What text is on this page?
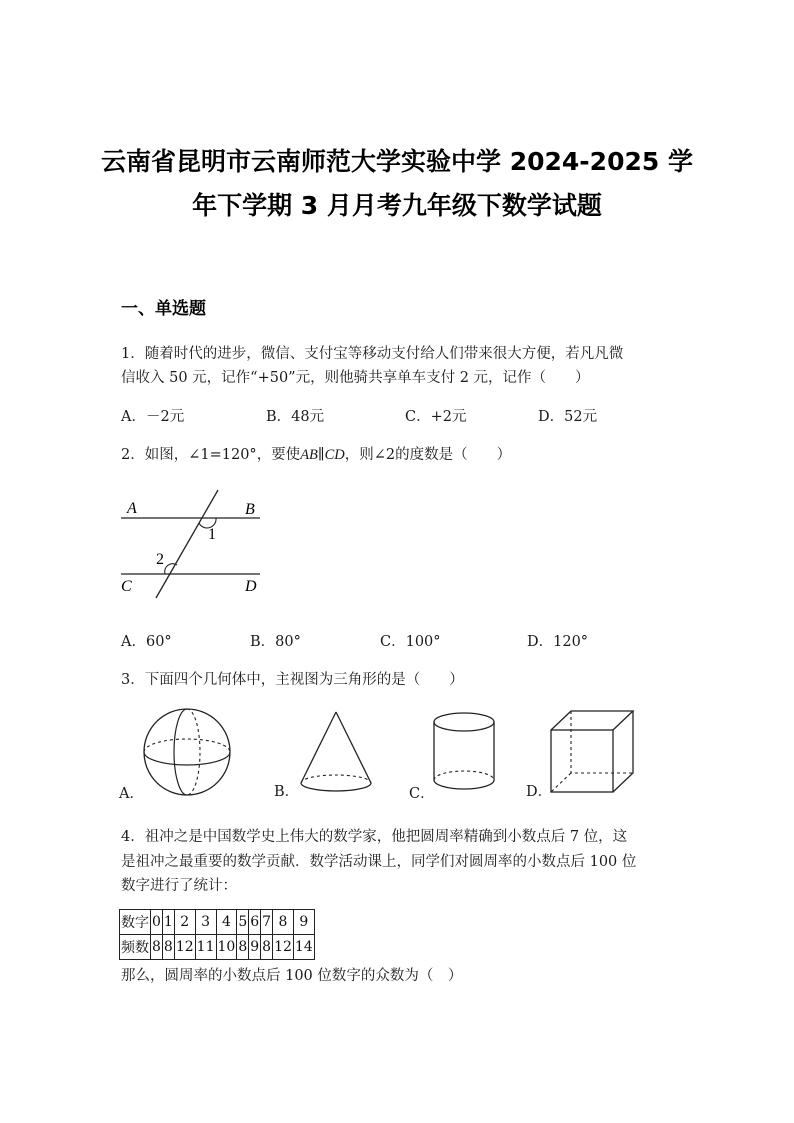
云南省昆明市云南师范大学实验中学 2024-2025 学
年下学期 3 月月考九年级下数学试题
一、单选题
1．随着时代的进步，微信、支付宝等移动支付给人们带来很大方便，若凡凡微
信收入 50 元，记作“+50”元，则他骑共享单车支付 2 元，记作（　　）
A．－2元	B．48元	C．+2元	D．52元
2．如图，∠1=120°，要使AB∥CD，则∠2的度数是（　　）
A	B
C	D
1
2
A．60°	B．80°	C．100°	D．120°
3．下面四个几何体中，主视图为三角形的是（　　）
A．	B．	C．	D．
4．祖冲之是中国数学史上伟大的数学家，他把圆周率精确到小数点后 7 位，这
是祖冲之最重要的数学贡献．数学活动课上，同学们对圆周率的小数点后 100 位
数字进行了统计：
数字	0	1	2	3	4	5	6	7	8	9
频数	8	8	12	11	10	8	9	8	12	14
那么，圆周率的小数点后 100 位数字的众数为（　）
